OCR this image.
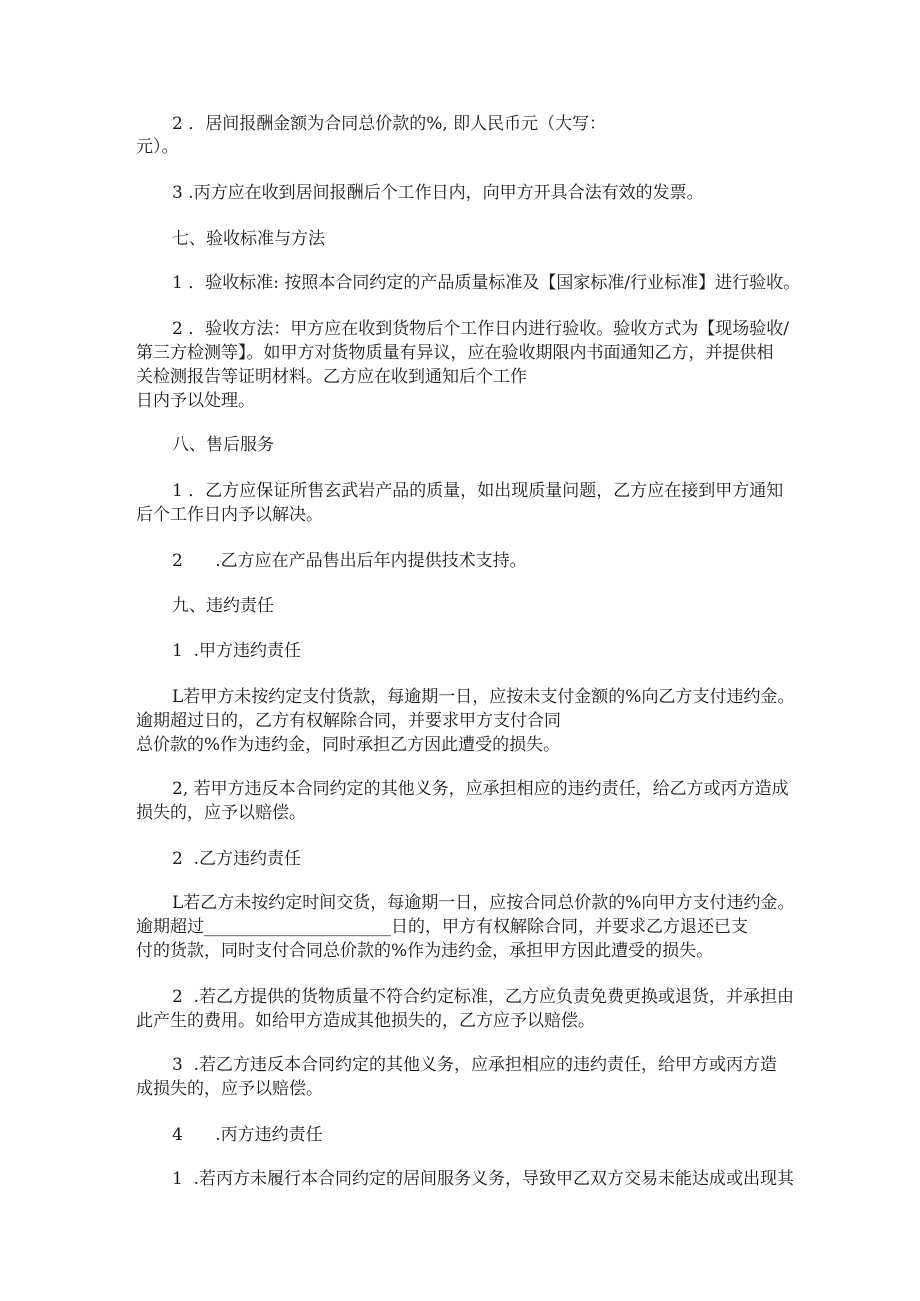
2 ．居间报酬金额为合同总价款的%, 即人民币元（大写：
元）。
3 .丙方应在收到居间报酬后个工作日内，向甲方开具合法有效的发票。
七、验收标准与方法
1 ．验收标准: 按照本合同约定的产品质量标准及【国家标准/行业标准】进行验收。
2 ．验收方法：甲方应在收到货物后个工作日内进行验收。验收方式为【现场验收/
第三方检测等】。如甲方对货物质量有异议，应在验收期限内书面通知乙方，并提供相
关检测报告等证明材料。乙方应在收到通知后个工作
日内予以处理。
八、售后服务
1 ．乙方应保证所售玄武岩产品的质量，如出现质量问题，乙方应在接到甲方通知
后个工作日内予以解决。
2      .乙方应在产品售出后年内提供技术支持。
九、违约责任
1  .甲方违约责任
L若甲方未按约定支付货款，每逾期一日，应按未支付金额的%向乙方支付违约金。
逾期超过日的，乙方有权解除合同，并要求甲方支付合同
总价款的%作为违约金，同时承担乙方因此遭受的损失。
2, 若甲方违反本合同约定的其他义务，应承担相应的违约责任，给乙方或丙方造成
损失的，应予以赔偿。
2  .乙方违约责任
L若乙方未按约定时间交货，每逾期一日，应按合同总价款的%向甲方支付违约金。
逾期超过______________________日的，甲方有权解除合同，并要求乙方退还已支
付的货款，同时支付合同总价款的%作为违约金，承担甲方因此遭受的损失。
2  .若乙方提供的货物质量不符合约定标准，乙方应负责免费更换或退货，并承担由
此产生的费用。如给甲方造成其他损失的，乙方应予以赔偿。
3  .若乙方违反本合同约定的其他义务，应承担相应的违约责任，给甲方或丙方造
成损失的，应予以赔偿。
4      .丙方违约责任
1  .若丙方未履行本合同约定的居间服务义务，导致甲乙双方交易未能达成或出现其
